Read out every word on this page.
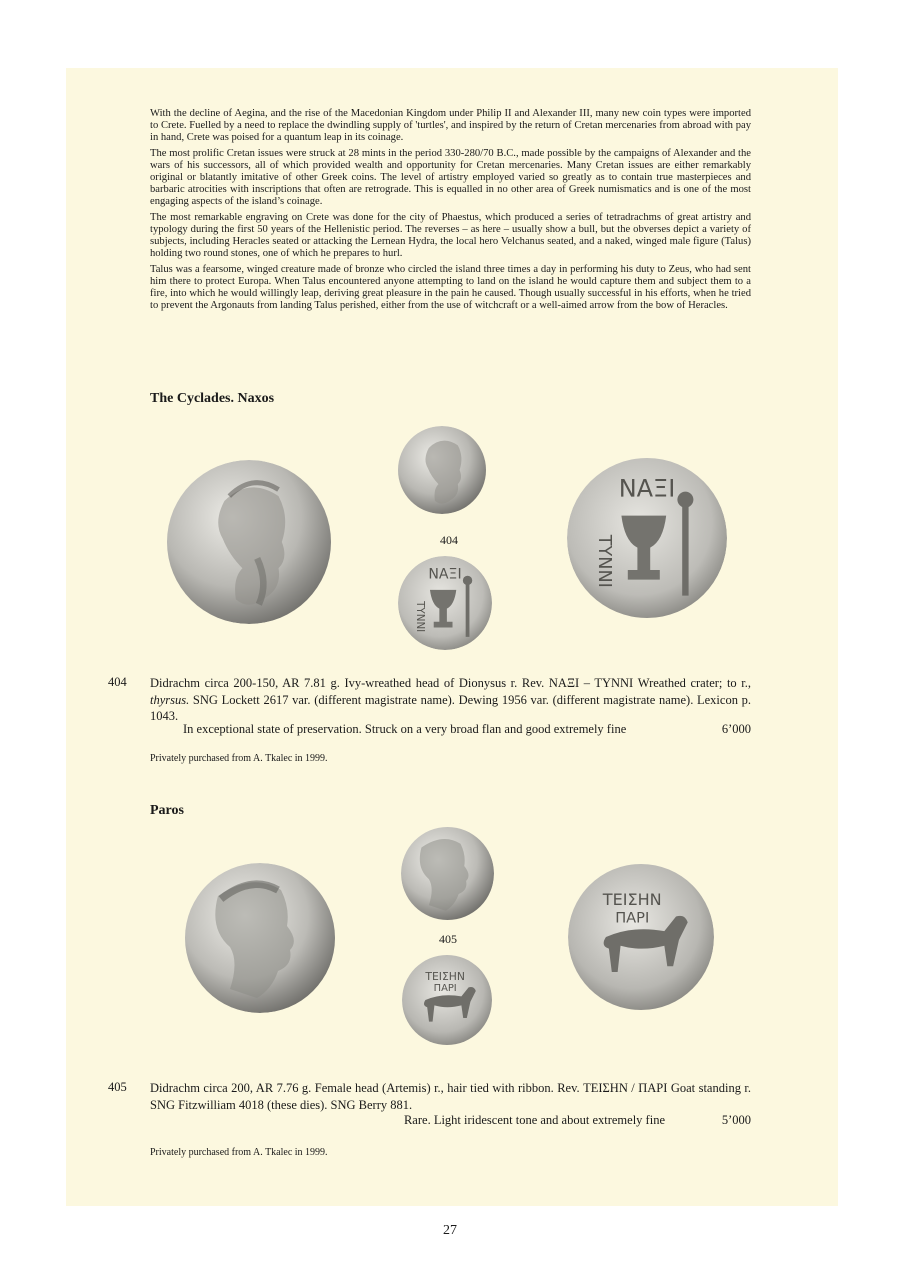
With the decline of Aegina, and the rise of the Macedonian Kingdom under Philip II and Alexander III, many new coin types were imported to Crete. Fuelled by a need to replace the dwindling supply of 'turtles', and inspired by the return of Cretan mercenaries from abroad with pay in hand, Crete was poised for a quantum leap in its coinage.

The most prolific Cretan issues were struck at 28 mints in the period 330-280/70 B.C., made possible by the campaigns of Alexander and the wars of his successors, all of which provided wealth and opportunity for Cretan mercenaries. Many Cretan issues are either remarkably original or blatantly imitative of other Greek coins. The level of artistry employed varied so greatly as to contain true masterpieces and barbaric atrocities with inscriptions that often are retrograde. This is equalled in no other area of Greek numismatics and is one of the most engaging aspects of the island’s coinage.

The most remarkable engraving on Crete was done for the city of Phaestus, which produced a series of tetradrachms of great artistry and typology during the first 50 years of the Hellenistic period. The reverses – as here – usually show a bull, but the obverses depict a variety of subjects, including Heracles seated or attacking the Lernean Hydra, the local hero Velchanus seated, and a naked, winged male figure (Talus) holding two round stones, one of which he prepares to hurl.

Talus was a fearsome, winged creature made of bronze who circled the island three times a day in performing his duty to Zeus, who had sent him there to protect Europa. When Talus encountered anyone attempting to land on the island he would capture them and subject them to a fire, into which he would willingly leap, deriving great pleasure in the pain he caused. Though usually successful in his efforts, when he tried to prevent the Argonauts from landing Talus perished, either from the use of witchcraft or a well-aimed arrow from the bow of Heracles.

The Cyclades. Naxos
404
ΝΑΞΙ
ΤΥΝΝΙ
ΝΑΞΙ
ΤΥΝΝΙ
404 Didrachm circa 200-150, AR 7.81 g. Ivy-wreathed head of Dionysus r. Rev. ΝΑΞΙ – ΤΥΝΝΙ Wreathed crater; to r., thyrsus. SNG Lockett 2617 var. (different magistrate name). Dewing 1956 var. (different magistrate name). Lexicon p. 1043.
In exceptional state of preservation. Struck on a very broad flan and good extremely fine	6’000
Privately purchased from A. Tkalec in 1999.
Paros
405
ΤΕΙΣΗΝ
ΠΑΡΙ
ΤΕΙΣΗΝ
ΠΑΡΙ
405 Didrachm circa 200, AR 7.76 g. Female head (Artemis) r., hair tied with ribbon. Rev. ΤΕΙΣΗΝ / ΠΑΡΙ Goat standing r. SNG Fitzwilliam 4018 (these dies). SNG Berry 881.
Rare. Light iridescent tone and about extremely fine	5’000
Privately purchased from A. Tkalec in 1999.
27
